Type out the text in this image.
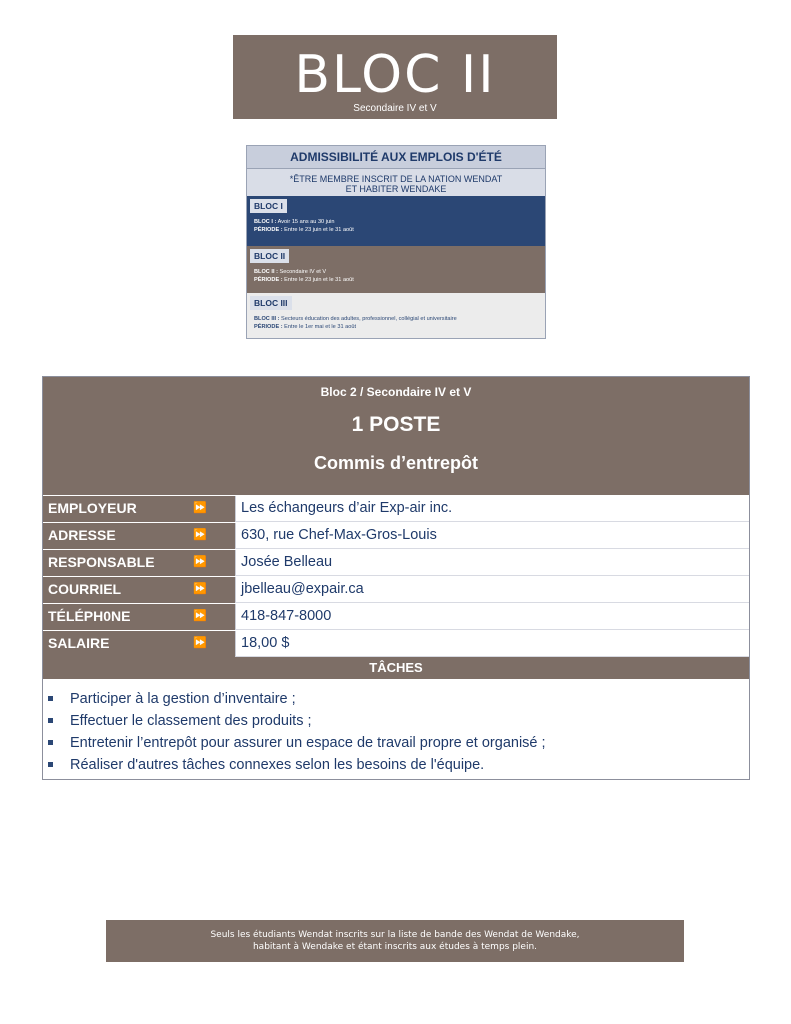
BLOC II
Secondaire IV et V
ADMISSIBILITÉ AUX EMPLOIS D'ÉTÉ
*ÊTRE MEMBRE INSCRIT DE LA NATION WENDAT
ET HABITER WENDAKE
BLOC I
BLOC I : Avoir 15 ans au 30 juin
PÉRIODE : Entre le 23 juin et le 31 août
BLOC II
BLOC II : Secondaire IV et V
PÉRIODE : Entre le 23 juin et le 31 août
BLOC III
BLOC III : Secteurs éducation des adultes, professionnel, collégial et universitaire
PÉRIODE : Entre le 1er mai et le 31 août
Bloc 2 / Secondaire IV et V
1 POSTE
Commis d’entrepôt
EMPLOYEUR	⏩	Les échangeurs d’air Exp-air inc.
ADRESSE	⏩	630, rue Chef-Max-Gros-Louis
RESPONSABLE	⏩	Josée Belleau
COURRIEL	⏩	jbelleau@expair.ca
TÉLÉPH0NE	⏩	418-847-8000
SALAIRE	⏩	18,00 $
TÂCHES
Participer à la gestion d’inventaire ;
Effectuer le classement des produits ;
Entretenir l’entrepôt pour assurer un espace de travail propre et organisé ;
Réaliser d'autres tâches connexes selon les besoins de l'équipe.
Seuls les étudiants Wendat inscrits sur la liste de bande des Wendat de Wendake,
habitant à Wendake et étant inscrits aux études à temps plein.
